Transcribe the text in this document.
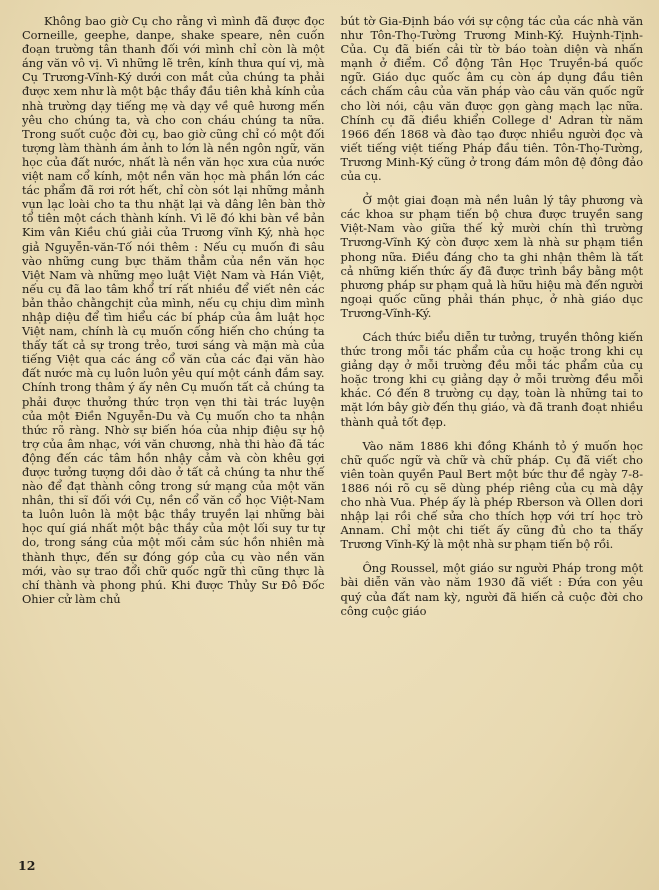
Không bao giờ Cụ cho rằng vì mình đã được đọc Corneille, geephe, danpe, shake speare, nên cuốn đoạn trường tân thanh đối với mình chỉ còn là một áng văn vô vị. Vì những lẽ trên, kính thưa quí vị, mà Cụ Trương-Vĩnh-Ký dưới con mắt của chúng ta phải được xem như là một bậc thầy đầu tiên khả kính của nhà trường dạy tiếng mẹ và dạy về quê hương mến yêu cho chúng ta, và cho con cháu chúng ta nữa. Trong suốt cuộc đời cụ, bao giờ cũng chỉ có một đối tượng làm thành ám ảnh to lớn là nền ngôn ngữ, văn học của đất nước, nhất là nền văn học xưa của nước việt nam cổ kính, một nền văn học mà phần lớn các tác phẩm đã rơi rớt hết, chỉ còn sót lại những mảnh vụn lạc loài cho ta thu nhặt lại và dâng lên bàn thờ tổ tiên một cách thành kính. Vì lẽ đó khi bàn về bản Kim vân Kiều chú giải của Trương vĩnh Ký, nhà học giả Nguyễn-văn-Tố nói thêm : Nếu cụ muốn đi sâu vào những cung bực thăm thẳm của nền văn học Việt Nam và những mẹo luật Việt Nam và Hán Việt, nếu cụ đã lao tâm khổ trí rất nhiều để viết nên các bản thảo chằngchịt của mình, nếu cụ chịu dìm mình nhập diệu để tìm hiểu các bí pháp của âm luật học Việt nam, chính là cụ muốn cống hiến cho chúng ta thấy tất cả sự trong trẻo, tươi sáng và mặn mà của tiếng Việt qua các áng cổ văn của các đại văn hào đất nước mà cụ luôn luôn yêu quí một cánh đắm say. Chính trong thâm ý ấy nên Cụ muốn tất cả chúng ta phải được thưởng thức trọn vẹn thi tài trác luyện của một Điền Nguyễn-Du và Cụ muốn cho ta nhận thức rõ ràng. Nhờ sự biến hóa của nhịp điệu sự hộ trợ của âm nhạc, với văn chương, nhà thi hào đã tác động đến các tâm hồn nhậy cảm và còn khêu gợi được tưởng tượng dồi dào ở tất cả chúng ta như thế nào để đạt thành công trong sứ mạng của một văn nhân, thi sĩ đối với Cụ, nền cổ văn cổ học Việt-Nam ta luôn luôn là một bậc thầy truyền lại những bài học quí giá nhất một bậc thầy của một lối suy tư tự do, trong sáng của một mối cảm súc hồn nhiên mà thành thực, đến sự đóng góp của cụ vào nền văn mới, vào sự trao đổi chữ quốc ngữ thì cũng thực là chí thành và phong phú. Khi được Thủy Sư Đô Đốc Ohier cử làm chủ

bút tờ Gia-Định báo với sự cộng tác của các nhà văn như Tôn-Thọ-Tường Trương Minh-Ký. Huỳnh-Tịnh-Của. Cụ đã biến cải từ tờ báo toàn diện và nhấn mạnh ở điểm. Cổ động Tân Học Truyền-bá quốc ngữ. Giáo dục quốc âm cụ còn áp dụng đầu tiên cách chấm câu của văn pháp vào câu văn quốc ngữ cho lời nói, cậu văn được gọn gàng mạch lạc nữa. Chính cụ đã điều khiển College d' Adran từ năm 1966 đến 1868 và đào tạo được nhiều người đọc và viết tiếng việt tiếng Pháp đầu tiên. Tôn-Thọ-Tường, Trương Minh-Ký cũng ở trong đám môn đệ đông đảo của cụ.

Ở một giai đoạn mà nền luân lý tây phương và các khoa sư phạm tiến bộ chưa được truyền sang Việt-Nam vào giữa thế kỷ mười chín thì trường Trương-Vĩnh Ký còn được xem là nhà sư phạm tiền phong nữa. Điều đáng cho ta ghi nhận thêm là tất cả những kiến thức ấy đã được trình bầy bằng một phương pháp sư phạm quả là hữu hiệu mà đến người ngoại quốc cũng phải thán phục, ở nhà giáo dục Trương-Vĩnh-Ký.

Cách thức biểu diễn tư tưởng, truyền thông kiến thức trong mỗi tác phẩm của cụ hoặc trong khi cụ giảng dạy ở mỗi trường đều mỗi tác phẩm của cụ hoặc trong khi cụ giảng dạy ở mỗi trường đều mỗi khác. Có đến 8 trường cụ dạy, toàn là những tai to mặt lớn bây giờ đến thụ giáo, và đã tranh đoạt nhiều thành quả tốt đẹp.

Vào năm 1886 khi đồng Khánh tỏ ý muốn học chữ quốc ngữ và chữ và chữ pháp. Cụ đã viết cho viên toàn quyền Paul Bert một bức thư đề ngày 7-8-1886 nói rõ cụ sẽ dùng phép riêng của cụ mà dậy cho nhà Vua. Phép ấy là phép Rberson và Ollen dori nhập lại rồi chế sửa cho thích hợp với trí học trò Annam. Chỉ một chi tiết ấy cũng đủ cho ta thấy Trương Vĩnh-Ký là một nhà sư phạm tiến bộ rồi.

Ông Roussel, một giáo sư người Pháp trong một bài diễn văn vào năm 1930 đã viết : Đứa con yêu quý của đất nam kỳ, người đã hiến cả cuộc đời cho công cuộc giáo

12
